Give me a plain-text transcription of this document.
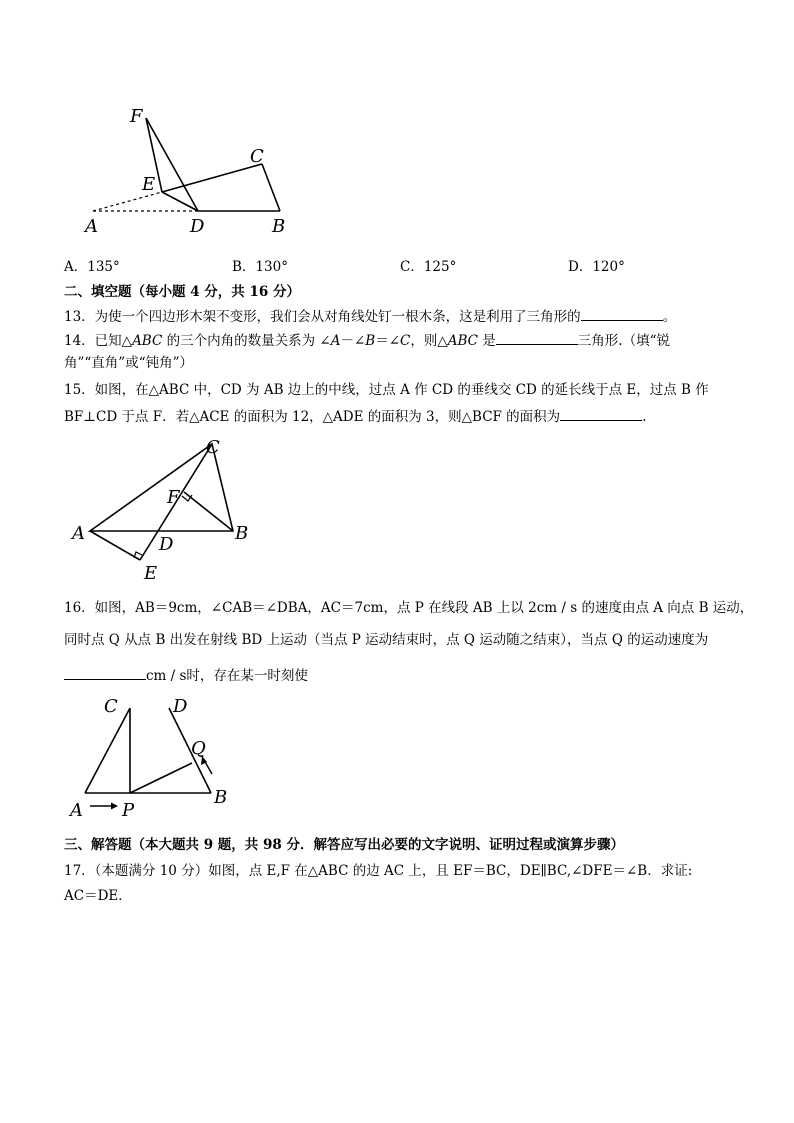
F
C
E
A	D	B
A．135°	B．130°	C．125°	D．120°
二、填空题（每小题 4 分，共 16 分）
13．为使一个四边形木架不变形，我们会从对角线处钉一根木条，这是利用了三角形的	。
14．已知△ABC 的三个内角的数量关系为 ∠A－∠B＝∠C，则△ABC 是	三角形.（填“锐
角”“直角”或“钝角”）
15．如图，在△ABC 中，CD 为 AB 边上的中线，过点 A 作 CD 的垂线交 CD 的延长线于点 E，过点 B 作
BF⊥CD 于点 F．若△ACE 的面积为 12，△ADE 的面积为 3，则△BCF 的面积为	.
C
F
A
D
B
E
16．如图，AB＝9cm，∠CAB＝∠DBA，AC＝7cm，点 P 在线段 AB 上以 2cm / s 的速度由点 A 向点 B 运动，
同时点 Q 从点 B 出发在射线 BD 上运动（当点 P 运动结束时，点 Q 运动随之结束），当点 Q 的运动速度为
cm / s时，存在某一时刻使
C	D
Q
A P
B
三、解答题（本大题共 9 题，共 98 分．解答应写出必要的文字说明、证明过程或演算步骤）
17．（本题满分 10 分）如图，点 E,F 在△ABC 的边 AC 上，且 EF＝BC，DE∥BC,∠DFE＝∠B．求证:
AC＝DE．
